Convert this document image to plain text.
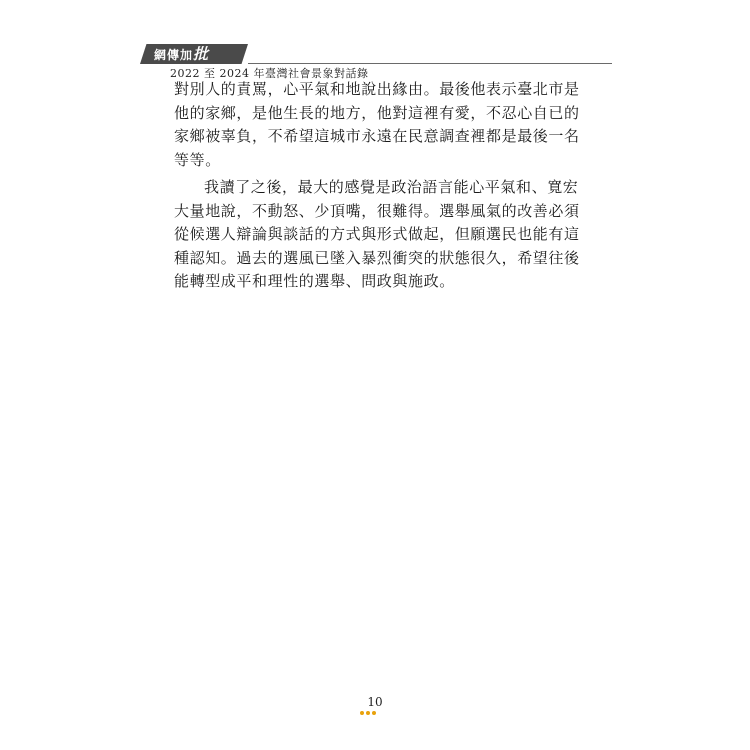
網傳加批
2022 至 2024 年臺灣社會景象對話錄
對別人的責罵，心平氣和地說出緣由。最後他表示臺北市是
他的家鄉，是他生長的地方，他對這裡有愛，不忍心自已的
家鄉被辜負，不希望這城市永遠在民意調查裡都是最後一名
等等。
我讀了之後，最大的感覺是政治語言能心平氣和、寬宏
大量地說，不動怒、少頂嘴，很難得。選舉風氣的改善必須
從候選人辯論與談話的方式與形式做起，但願選民也能有這
種認知。過去的選風已墜入暴烈衝突的狀態很久，希望往後
能轉型成平和理性的選舉、問政與施政。
10
